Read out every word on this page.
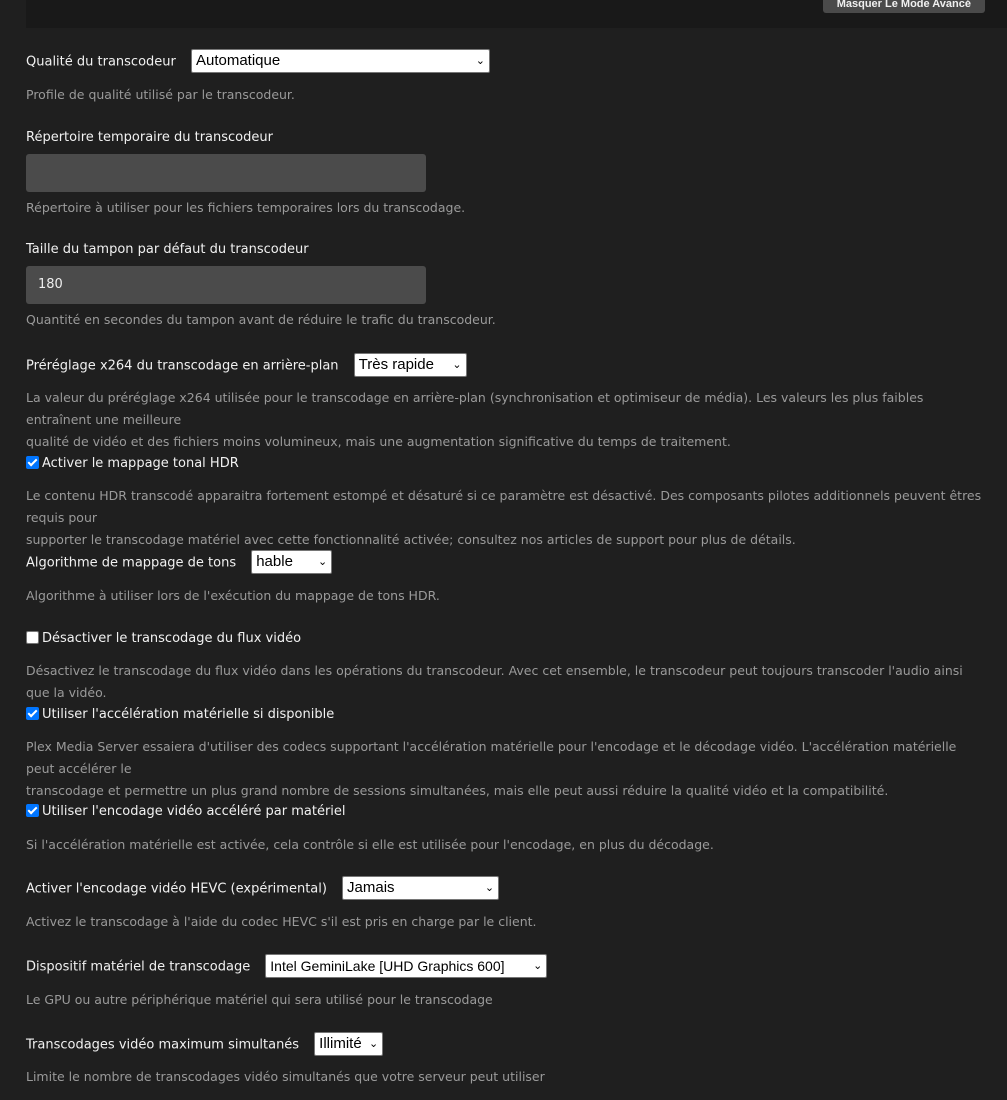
Masquer Le Mode Avancé
Qualité du transcodeur Automatique	⌄
Profile de qualité utilisé par le transcodeur.
Répertoire temporaire du transcodeur
Répertoire à utiliser pour les fichiers temporaires lors du transcodage.
Taille du tampon par défaut du transcodeur
180
Quantité en secondes du tampon avant de réduire le trafic du transcodeur.
Préréglage x264 du transcodage en arrière-plan Très rapide ⌄
La valeur du préréglage x264 utilisée pour le transcodage en arrière-plan (synchronisation et optimiseur de média). Les valeurs les plus faibles entraînent une meilleure
qualité de vidéo et des fichiers moins volumineux, mais une augmentation significative du temps de traitement.
Activer le mappage tonal HDR
Le contenu HDR transcodé apparaitra fortement estompé et désaturé si ce paramètre est désactivé. Des composants pilotes additionnels peuvent êtres requis pour
supporter le transcodage matériel avec cette fonctionnalité activée; consultez nos articles de support pour plus de détails.
Algorithme de mappage de tons hable ⌄
Algorithme à utiliser lors de l'exécution du mappage de tons HDR.
Désactiver le transcodage du flux vidéo
Désactivez le transcodage du flux vidéo dans les opérations du transcodeur. Avec cet ensemble, le transcodeur peut toujours transcoder l'audio ainsi que la vidéo.
Utiliser l'accélération matérielle si disponible
Plex Media Server essaiera d'utiliser des codecs supportant l'accélération matérielle pour l'encodage et le décodage vidéo. L'accélération matérielle peut accélérer le
transcodage et permettre un plus grand nombre de sessions simultanées, mais elle peut aussi réduire la qualité vidéo et la compatibilité.
Utiliser l'encodage vidéo accéléré par matériel
Si l'accélération matérielle est activée, cela contrôle si elle est utilisée pour l'encodage, en plus du décodage.
Activer l'encodage vidéo HEVC (expérimental) Jamais	⌄
Activez le transcodage à l'aide du codec HEVC s'il est pris en charge par le client.
Dispositif matériel de transcodage Intel GeminiLake [UHD Graphics 600]	⌄
Le GPU ou autre périphérique matériel qui sera utilisé pour le transcodage
Transcodages vidéo maximum simultanés Illimité ⌄
Limite le nombre de transcodages vidéo simultanés que votre serveur peut utiliser
